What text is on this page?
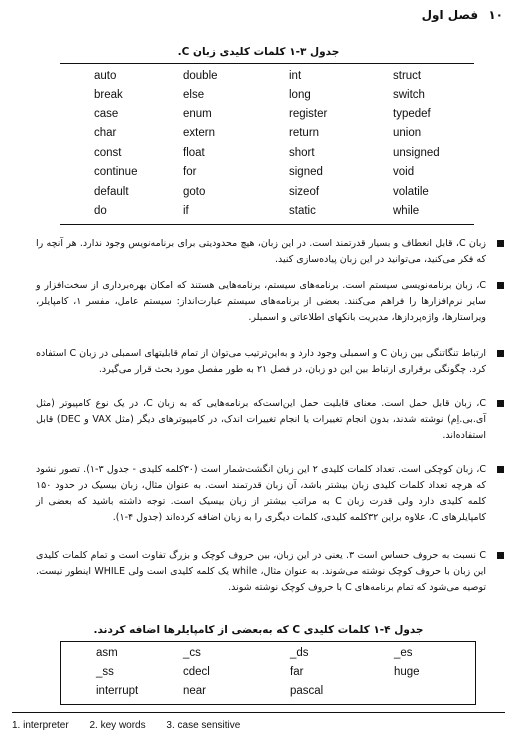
۱۰ فصل اول
جدول ۳-۱ کلمات کلیدی زبان C.
auto	double	int	struct
break	else	long	switch
case	enum	register	typedef
char	extern	return	union
const	float	short	unsigned
continue	for	signed	void
default	goto	sizeof	volatile
do	if	static	while
زبان C، قابل انعطاف و بسیار قدرتمند است. در این زبان، هیچ محدودیتی برای برنامه‌نویس وجود ندارد. هر آنچه را که فکر می‌کنید، می‌توانید در این زبان پیاده‌سازی کنید.
C، زبان برنامه‌نویسی سیستم است. برنامه‌های سیستم، برنامه‌هایی هستند که امکان بهره‌برداری از سخت‌افزار و سایر نرم‌افزارها را فراهم می‌کنند. بعضی از برنامه‌های سیستم عبارت‌انداز: سیستم عامل، مفسر ۱، کامپایلر، ویراستارها، واژه‌پردازها، مدیریت بانکهای اطلاعاتی و اسمبلر.
ارتباط تنگاتنگی بین زبان C و اسمبلی وجود دارد و به‌این‌ترتیب می‌توان از تمام قابلیتهای اسمبلی در زبان C استفاده کرد. چگونگی برقراری ارتباط بین این دو زبان، در فصل ۲۱ به طور مفصل مورد بحث قرار می‌گیرد.
C، زبان قابل حمل است. معنای قابلیت حمل این‌است‌که برنامه‌هایی که به زبان C، در یک نوع کامپیوتر (مثل آی.بی.اِم) نوشته شدند، بدون انجام تغییرات یا انجام تغییرات اندک، در کامپیوترهای دیگر (مثل VAX و DEC) قابل استفاده‌اند.
C، زبان کوچکی است. تعداد کلمات کلیدی ۲ این زبان انگشت‌شمار است (۳۰کلمه کلیدی - جدول ۳-۱). تصور نشود که هرچه تعداد کلمات کلیدی زبان بیشتر باشد، آن زبان قدرتمند است. به عنوان مثال، زبان بیسیک در حدود ۱۵۰ کلمه کلیدی دارد ولی قدرت زبان C به مراتب بیشتر از زبان بیسیک است. توجه داشته باشید که بعضی از کامپایلرهای C، علاوه براین ۳۲کلمه کلیدی، کلمات دیگری را به زبان اضافه کرده‌اند (جدول ۴-۱).
C نسبت به حروف حساس است ۳. یعنی در این زبان، بین حروف کوچک و بزرگ تفاوت است و تمام کلمات کلیدی این زبان با حروف کوچک نوشته می‌شوند. به عنوان مثال، while یک کلمه کلیدی است ولی WHILE اینطور نیست. توصیه می‌شود که تمام برنامه‌های C با حروف کوچک نوشته شوند.
جدول ۴-۱ کلمات کلیدی C که به‌بعضی از کامپایلرها اضافه کردند.
asm	_cs	_ds	_es
_ss	cdecl	far	huge
interrupt	near	pascal
1. interpreter 2. key words 3. case sensitive
